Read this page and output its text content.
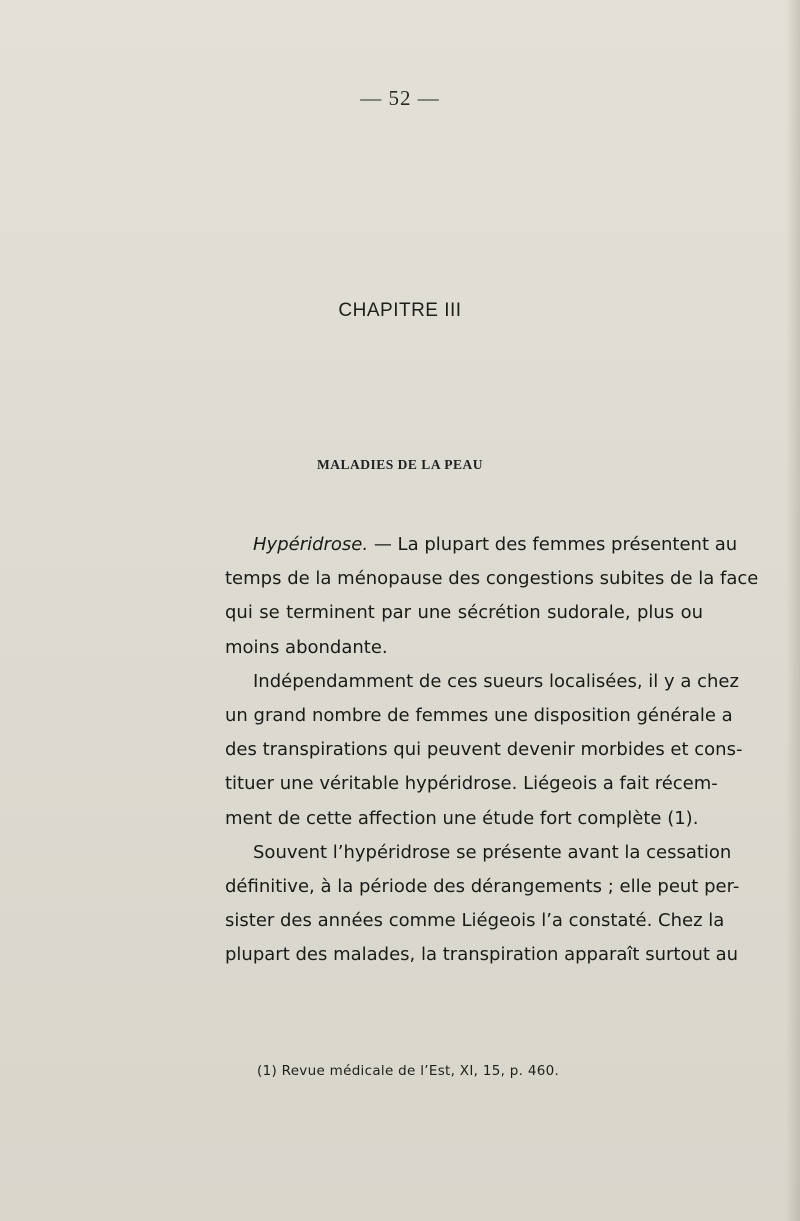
— 52 —
CHAPITRE III
MALADIES DE LA PEAU
Hypéridrose. — La plupart des femmes présentent au
temps de la ménopause des congestions subites de la face
qui se terminent par une sécrétion sudorale, plus ou
moins abondante.
Indépendamment de ces sueurs localisées, il y a chez
un grand nombre de femmes une disposition générale a
des transpirations qui peuvent devenir morbides et cons-
tituer une véritable hypéridrose. Liégeois a fait récem-
ment de cette affection une étude fort complète (1).
Souvent l’hypéridrose se présente avant la cessation
définitive, à la période des dérangements ; elle peut per-
sister des années comme Liégeois l’a constaté. Chez la
plupart des malades, la transpiration apparaît surtout au
(1) Revue médicale de l’Est, XI, 15, p. 460.
